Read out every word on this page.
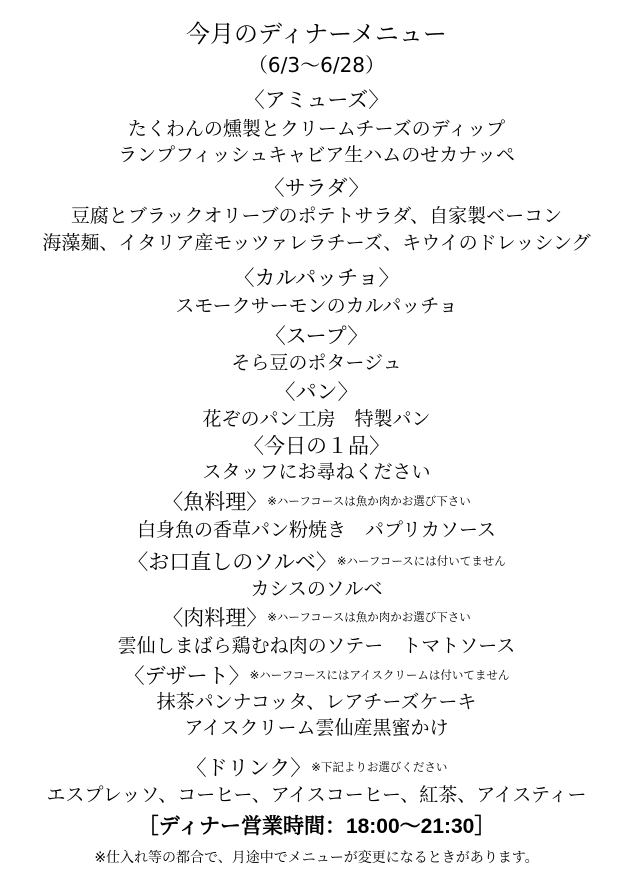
今月のディナーメニュー
（6/3〜6/28）
〈アミューズ〉
たくわんの燻製とクリームチーズのディップ
ランプフィッシュキャビア生ハムのせカナッペ
〈サラダ〉
豆腐とブラックオリーブのポテトサラダ、自家製ベーコン
海藻麺、イタリア産モッツァレラチーズ、キウイのドレッシング
〈カルパッチョ〉
スモークサーモンのカルパッチョ
〈スープ〉
そら豆のポタージュ
〈パン〉
花ぞのパン工房　特製パン
〈今日の１品〉
スタッフにお尋ねください
〈魚料理〉※ハーフコースは魚か肉かお選び下さい
白身魚の香草パン粉焼き　パプリカソース
〈お口直しのソルベ〉※ハーフコースには付いてません
カシスのソルベ
〈肉料理〉※ハーフコースは魚か肉かお選び下さい
雲仙しまばら鶏むね肉のソテー　トマトソース
〈デザート〉※ハーフコースにはアイスクリームは付いてません
抹茶パンナコッタ、レアチーズケーキ
アイスクリーム雲仙産黒蜜かけ
〈ドリンク〉※下記よりお選びください
エスプレッソ、コーヒー、アイスコーヒー、紅茶、アイスティー
［ディナー営業時間：18:00〜21:30］
※仕入れ等の都合で、月途中でメニューが変更になるときがあります。
